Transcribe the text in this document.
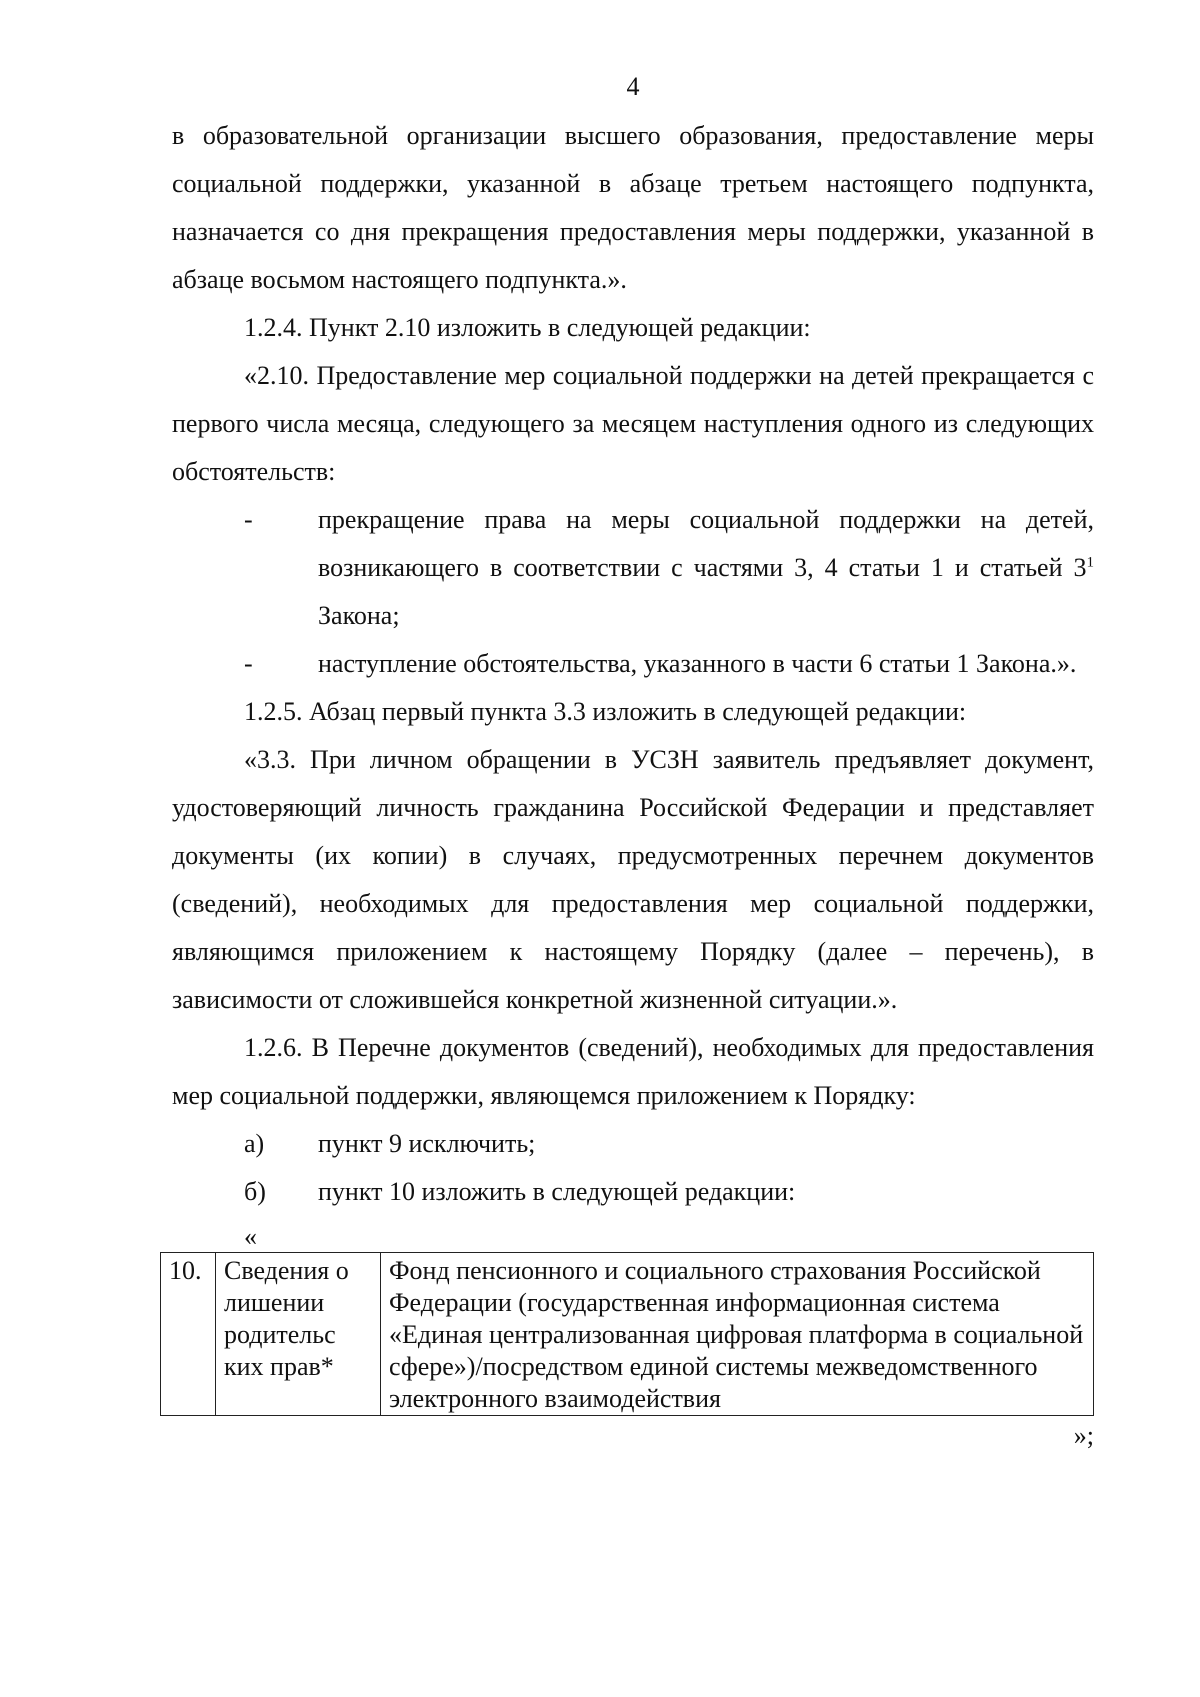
4

в образовательной организации высшего образования, предоставление меры социальной поддержки, указанной в абзаце третьем настоящего подпункта, назначается со дня прекращения предоставления меры поддержки, указанной в абзаце восьмом настоящего подпункта.».

1.2.4. Пункт 2.10 изложить в следующей редакции:

«2.10. Предоставление мер социальной поддержки на детей прекращается с первого числа месяца, следующего за месяцем наступления одного из следующих обстоятельств:

-	прекращение права на меры социальной поддержки на детей, возникающего в соответствии с частями 3, 4 статьи 1 и статьей $3^1$ Закона;
-	наступление обстоятельства, указанного в части 6 статьи 1 Закона.».

1.2.5. Абзац первый пункта 3.3 изложить в следующей редакции:

«3.3. При личном обращении в УСЗН заявитель предъявляет документ, удостоверяющий личность гражданина Российской Федерации и представляет документы (их копии) в случаях, предусмотренных перечнем документов (сведений), необходимых для предоставления мер социальной поддержки, являющимся приложением к настоящему Порядку (далее – перечень), в зависимости от сложившейся конкретной жизненной ситуации.».

1.2.6. В Перечне документов (сведений), необходимых для предоставления мер социальной поддержки, являющемся приложением к Порядку:

а)	пункт 9 исключить;
б)	пункт 10 изложить в следующей редакции:
«
10.	Сведения о лишении родительс ких прав*	Фонд пенсионного и социального страхования Российской Федерации (государственная информационная система «Единая централизованная цифровая платформа в социальной сфере»)/посредством единой системы межведомственного электронного взаимодействия
»;
